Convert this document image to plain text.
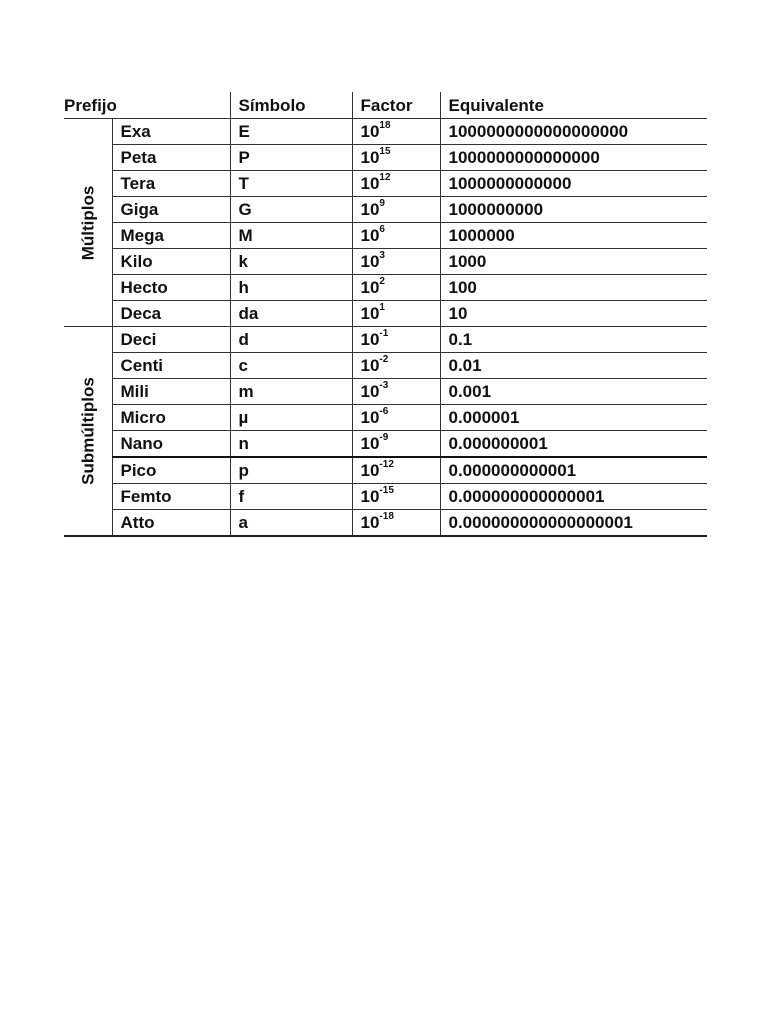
Prefijo		Símbolo	Factor	Equivalente

Múltiplos	Exa	E	$10^{18}$	1000000000000000000
	Peta	P	$10^{15}$	1000000000000000
	Tera	T	$10^{12}$	1000000000000
	Giga	G	$10^9$	1000000000
	Mega	M	$10^6$	1000000
	Kilo	k	$10^3$	1000
	Hecto	h	$10^2$	100
	Deca	da	$10^1$	10

Submúltiplos	Deci	d	$10^{-1}$	0.1
	Centi	c	$10^{-2}$	0.01
	Mili	m	$10^{-3}$	0.001
	Micro	µ	$10^{-6}$	0.000001
	Nano	n	$10^{-9}$	0.000000001
	Pico	p	$10^{-12}$	0.000000000001
	Femto	f	$10^{-15}$	0.000000000000001
	Atto	a	$10^{-18}$	0.000000000000000001
